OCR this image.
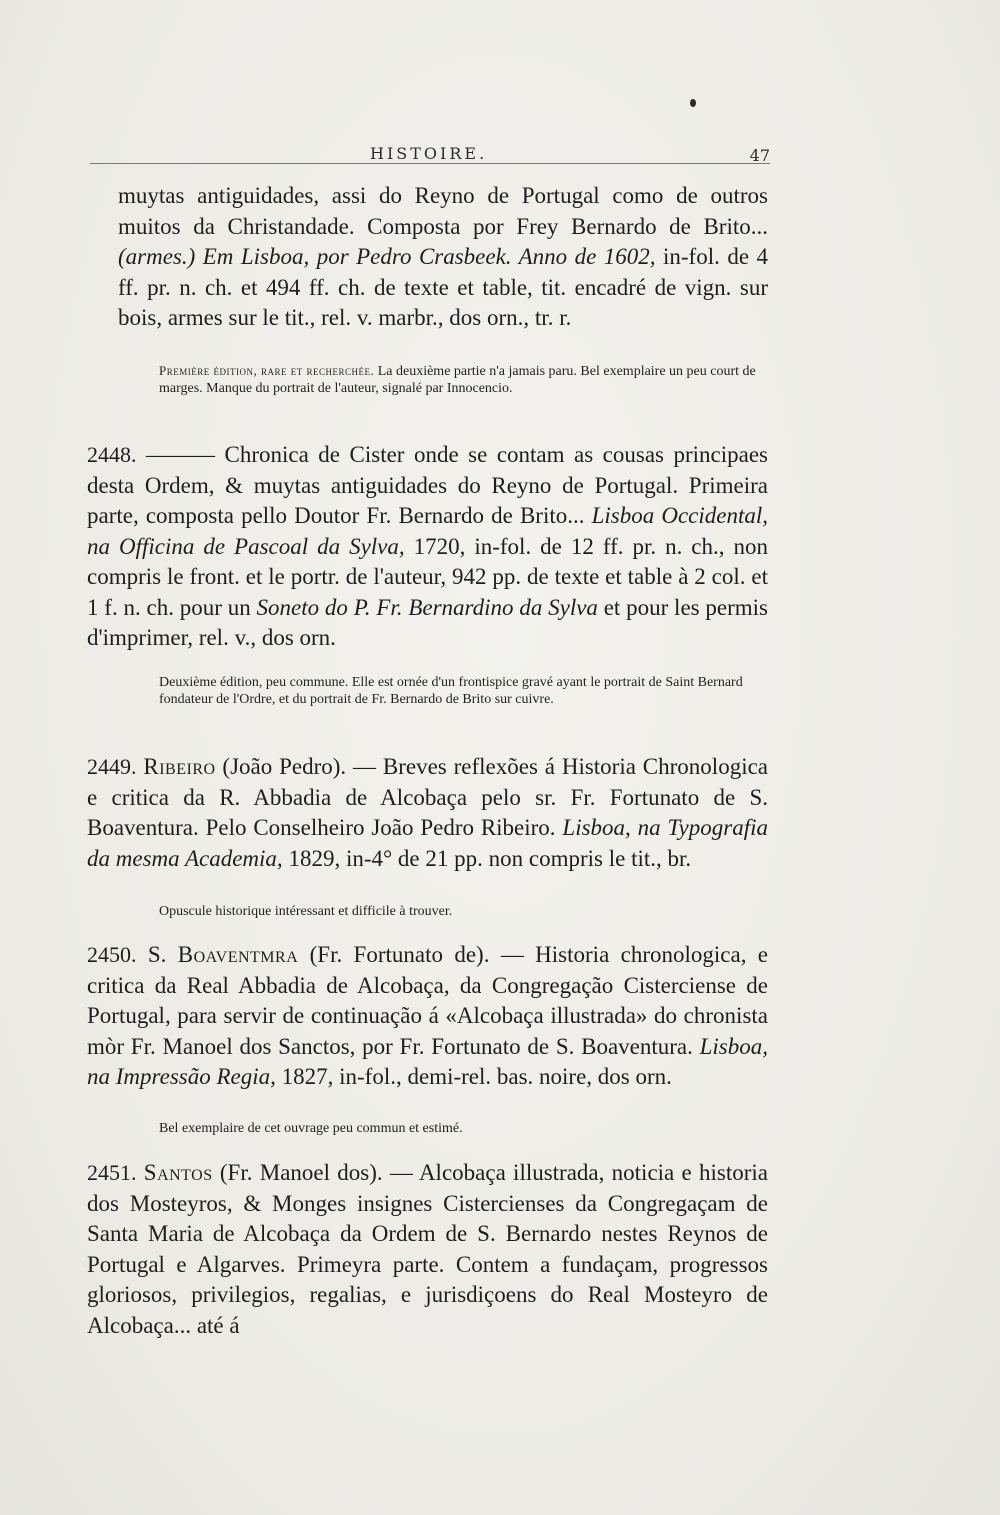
HISTOIRE.	47

muytas antiguidades, assi do Reyno de Portugal como de outros muitos da Christandade. Composta por Frey Bernardo de Brito... (armes.) Em Lisboa, por Pedro Crasbeek. Anno de 1602, in-fol. de 4 ff. pr. n. ch. et 494 ff. ch. de texte et table, tit. encadré de vign. sur bois, armes sur le tit., rel. v. marbr., dos orn., tr. r.

Première édition, rare et recherchée. La deuxième partie n'a jamais paru. Bel exemplaire un peu court de marges. Manque du portrait de l'auteur, signalé par Innocencio.

2448. ——— Chronica de Cister onde se contam as cousas principaes desta Ordem, & muytas antiguidades do Reyno de Portugal. Primeira parte, composta pello Doutor Fr. Bernardo de Brito... Lisboa Occidental, na Officina de Pascoal da Sylva, 1720, in-fol. de 12 ff. pr. n. ch., non compris le front. et le portr. de l'auteur, 942 pp. de texte et table à 2 col. et 1 f. n. ch. pour un Soneto do P. Fr. Bernardino da Sylva et pour les permis d'imprimer, rel. v., dos orn.

Deuxième édition, peu commune. Elle est ornée d'un frontispice gravé ayant le portrait de Saint Bernard fondateur de l'Ordre, et du portrait de Fr. Bernardo de Brito sur cuivre.

2449. Ribeiro (João Pedro). — Breves reflexões á Historia Chronologica e critica da R. Abbadia de Alcobaça pelo sr. Fr. Fortunato de S. Boaventura. Pelo Conselheiro João Pedro Ribeiro. Lisboa, na Typografia da mesma Academia, 1829, in-4° de 21 pp. non compris le tit., br.

Opuscule historique intéressant et difficile à trouver.

2450. S. Boaventmra (Fr. Fortunato de). — Historia chronologica, e critica da Real Abbadia de Alcobaça, da Congregação Cisterciense de Portugal, para servir de continuação á «Alcobaça illustrada» do chronista mòr Fr. Manoel dos Sanctos, por Fr. Fortunato de S. Boaventura. Lisboa, na Impressão Regia, 1827, in-fol., demi-rel. bas. noire, dos orn.

Bel exemplaire de cet ouvrage peu commun et estimé.

2451. Santos (Fr. Manoel dos). — Alcobaça illustrada, noticia e historia dos Mosteyros, & Monges insignes Cistercienses da Congregaçam de Santa Maria de Alcobaça da Ordem de S. Bernardo nestes Reynos de Portugal e Algarves. Primeyra parte. Contem a fundaçam, progressos gloriosos, privilegios, regalias, e jurisdiçoens do Real Mosteyro de Alcobaça... até á
